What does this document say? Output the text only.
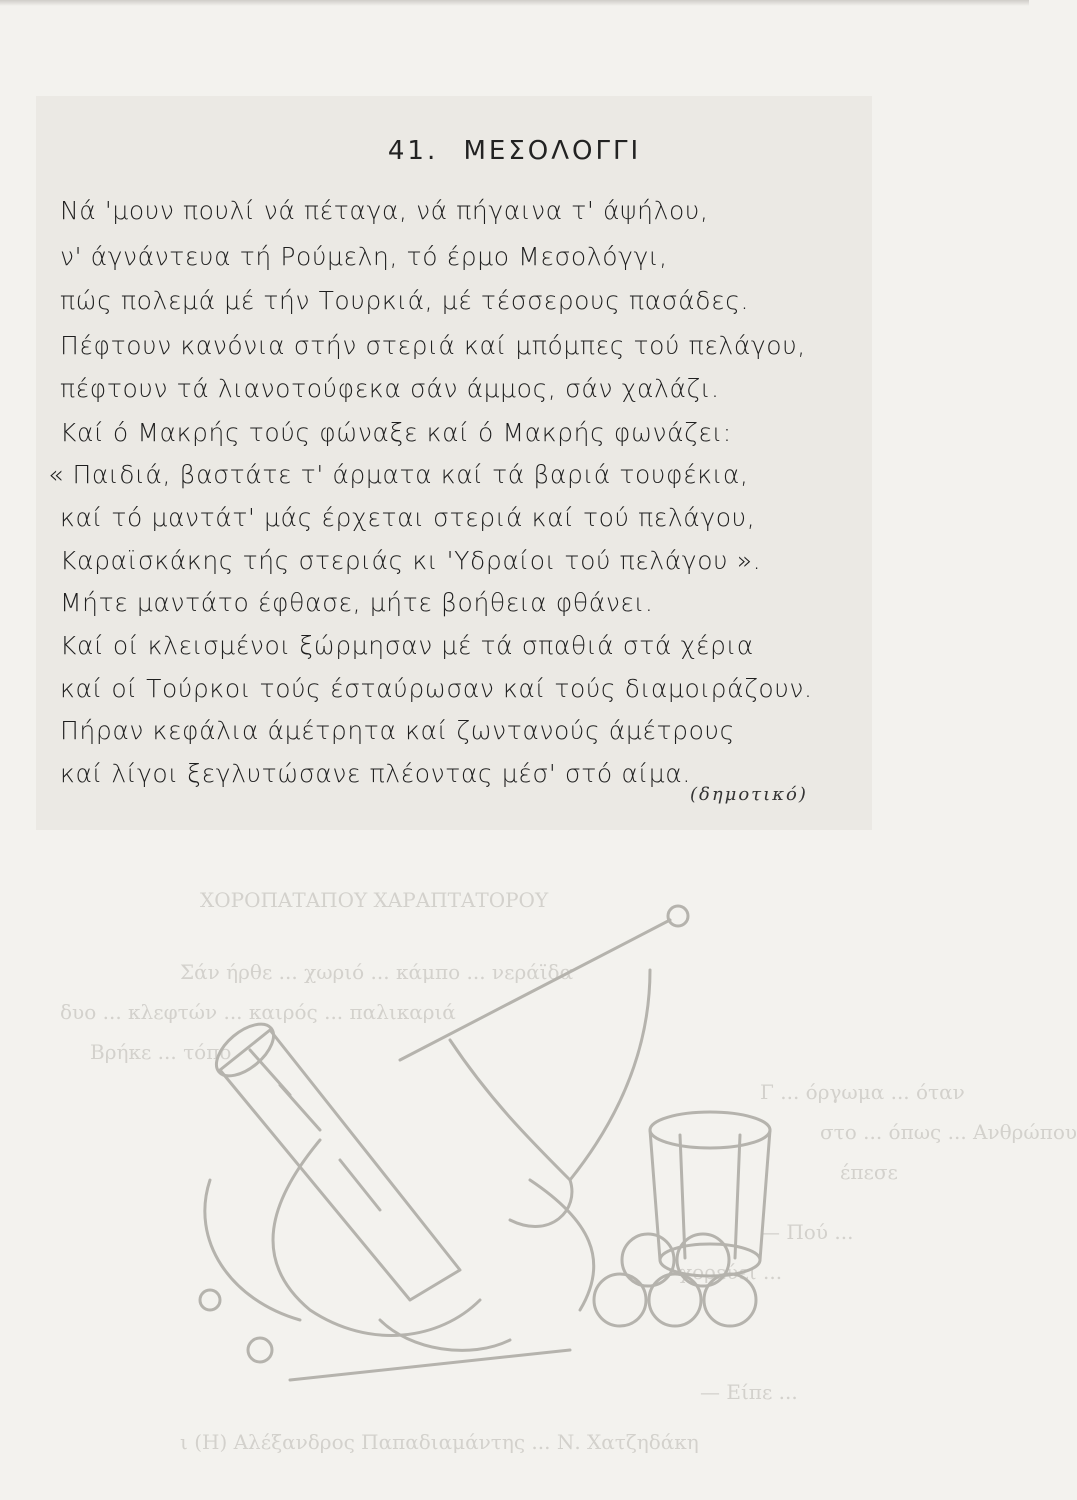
41. ΜΕΣΟΛΟΓΓΙ
Νά 'μουν πουλί νά πέταγα, νά πήγαινα τ' άψήλου,
ν' άγνάντευα τή Ρούμελη, τό έρμο Μεσολόγγι,
πώς πολεμά μέ τήν Τουρκιά, μέ τέσσερους πασάδες.
Πέφτουν κανόνια στήν στεριά καί μπόμπες τού πελάγου,
πέφτουν τά λιανοτούφεκα σάν άμμος, σάν χαλάζι.
Καί ό Μακρής τούς φώναξε καί ό Μακρής φωνάζει:
« Παιδιά, βαστάτε τ' άρματα καί τά βαριά τουφέκια,
καί τό μαντάτ' μάς έρχεται στεριά καί τού πελάγου,
Καραϊσκάκης τής στεριάς κι 'Υδραίοι τού πελάγου ».
Μήτε μαντάτο έφθασε, μήτε βοήθεια φθάνει.
Καί οί κλεισμένοι ξώρμησαν μέ τά σπαθιά στά χέρια
καί οί Τούρκοι τούς έσταύρωσαν καί τούς διαμοιράζουν.
Πήραν κεφάλια άμέτρητα καί ζωντανούς άμέτρους
καί λίγοι ξεγλυτώσανε πλέοντας μέσ' στό αίμα.
(δημοτικό)
ΧΟΡΟΠΑΤΑΠΟΥ ΧΑΡΑΠΤΑΤΟΡΟΥ
Σάν ήρθε ... χωριό ... κάμπο ... νεράϊδα
δυο ... κλεφτών ... καιρός ... παλικαριά
Βρήκε ... τόπο
Γ ... όργωμα ... όταν
στο ... όπως ... Ανθρώπου
έπεσε
— Πού ...
χορεύει ...
— Είπε ...
ι (Η) Αλέξανδρος Παπαδιαμάντης ... Ν. Χατζηδάκη
